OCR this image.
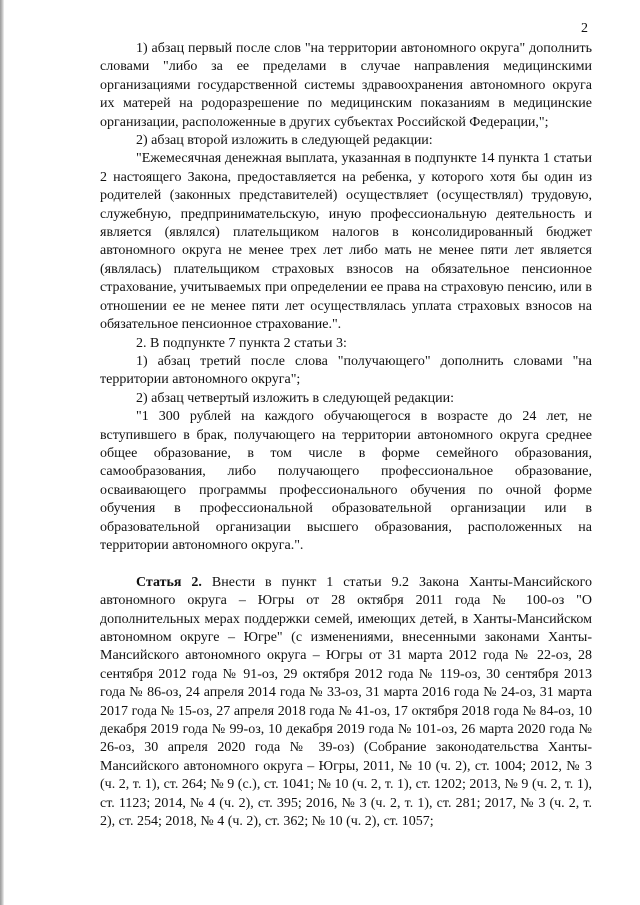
2

1) абзац первый после слов "на территории автономного округа" дополнить словами "либо за ее пределами в случае направления медицинскими организациями государственной системы здравоохранения автономного округа их матерей на родоразрешение по медицинским показаниям в медицинские организации, расположенные в других субъектах Российской Федерации,";

2) абзац второй изложить в следующей редакции:

"Ежемесячная денежная выплата, указанная в подпункте 14 пункта 1 статьи 2 настоящего Закона, предоставляется на ребенка, у которого хотя бы один из родителей (законных представителей) осуществляет (осуществлял) трудовую, служебную, предпринимательскую, иную профессиональную деятельность и является (являлся) плательщиком налогов в консолидированный бюджет автономного округа не менее трех лет либо мать не менее пяти лет является (являлась) плательщиком страховых взносов на обязательное пенсионное страхование, учитываемых при определении ее права на страховую пенсию, или в отношении ее не менее пяти лет осуществлялась уплата страховых взносов на обязательное пенсионное страхование.".

2. В подпункте 7 пункта 2 статьи 3:

1) абзац третий после слова "получающего" дополнить словами "на территории автономного округа";

2) абзац четвертый изложить в следующей редакции:

"1 300 рублей на каждого обучающегося в возрасте до 24 лет, не вступившего в брак, получающего на территории автономного округа среднее общее образование, в том числе в форме семейного образования, самообразования, либо получающего профессиональное образование, осваивающего программы профессионального обучения по очной форме обучения в профессиональной образовательной организации или в образовательной организации высшего образования, расположенных на территории автономного округа.".

Статья 2. Внести в пункт 1 статьи 9.2 Закона Ханты-Мансийского автономного округа – Югры от 28 октября 2011 года № 100-оз "О дополнительных мерах поддержки семей, имеющих детей, в Ханты-Мансийском автономном округе – Югре" (с изменениями, внесенными законами Ханты-Мансийского автономного округа – Югры от 31 марта 2012 года № 22-оз, 28 сентября 2012 года № 91-оз, 29 октября 2012 года № 119-оз, 30 сентября 2013 года № 86-оз, 24 апреля 2014 года № 33-оз, 31 марта 2016 года № 24-оз, 31 марта 2017 года № 15-оз, 27 апреля 2018 года № 41-оз, 17 октября 2018 года № 84-оз, 10 декабря 2019 года № 99-оз, 10 декабря 2019 года № 101-оз, 26 марта 2020 года № 26-оз, 30 апреля 2020 года № 39-оз) (Собрание законодательства Ханты-Мансийского автономного округа – Югры, 2011, № 10 (ч. 2), ст. 1004; 2012, № 3 (ч. 2, т. 1), ст. 264; № 9 (с.), ст. 1041; № 10 (ч. 2, т. 1), ст. 1202; 2013, № 9 (ч. 2, т. 1), ст. 1123; 2014, № 4 (ч. 2), ст. 395; 2016, № 3 (ч. 2, т. 1), ст. 281; 2017, № 3 (ч. 2, т. 2), ст. 254; 2018, № 4 (ч. 2), ст. 362; № 10 (ч. 2), ст. 1057;
